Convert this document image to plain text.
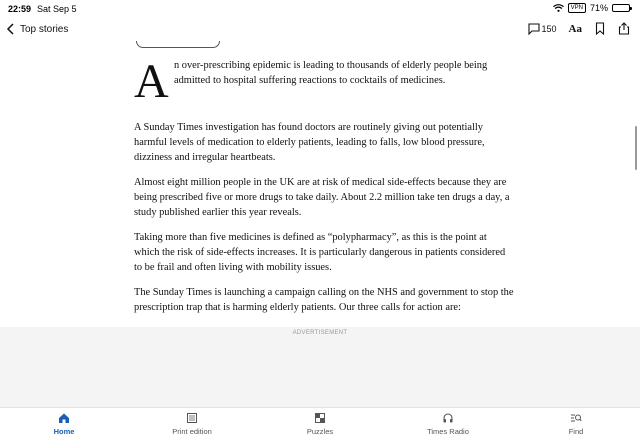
22:59 Sat Sep 5	VPN 71%
Top stories	150 Aa
A n over-prescribing epidemic is leading to thousands of elderly people being admitted to hospital suffering reactions to cocktails of medicines.

A Sunday Times investigation has found doctors are routinely giving out potentially harmful levels of medication to elderly patients, leading to falls, low blood pressure, dizziness and irregular heartbeats.

Almost eight million people in the UK are at risk of medical side-effects because they are being prescribed five or more drugs to take daily. About 2.2 million take ten drugs a day, a study published earlier this year reveals.

Taking more than five medicines is defined as “polypharmacy”, as this is the point at which the risk of side-effects increases. It is particularly dangerous in patients considered to be frail and often living with mobility issues.

The Sunday Times is launching a campaign calling on the NHS and government to stop the prescription trap that is harming elderly patients. Our three calls for action are:

ADVERTISEMENT
Home	Print edition	Puzzles	Times Radio	Find
